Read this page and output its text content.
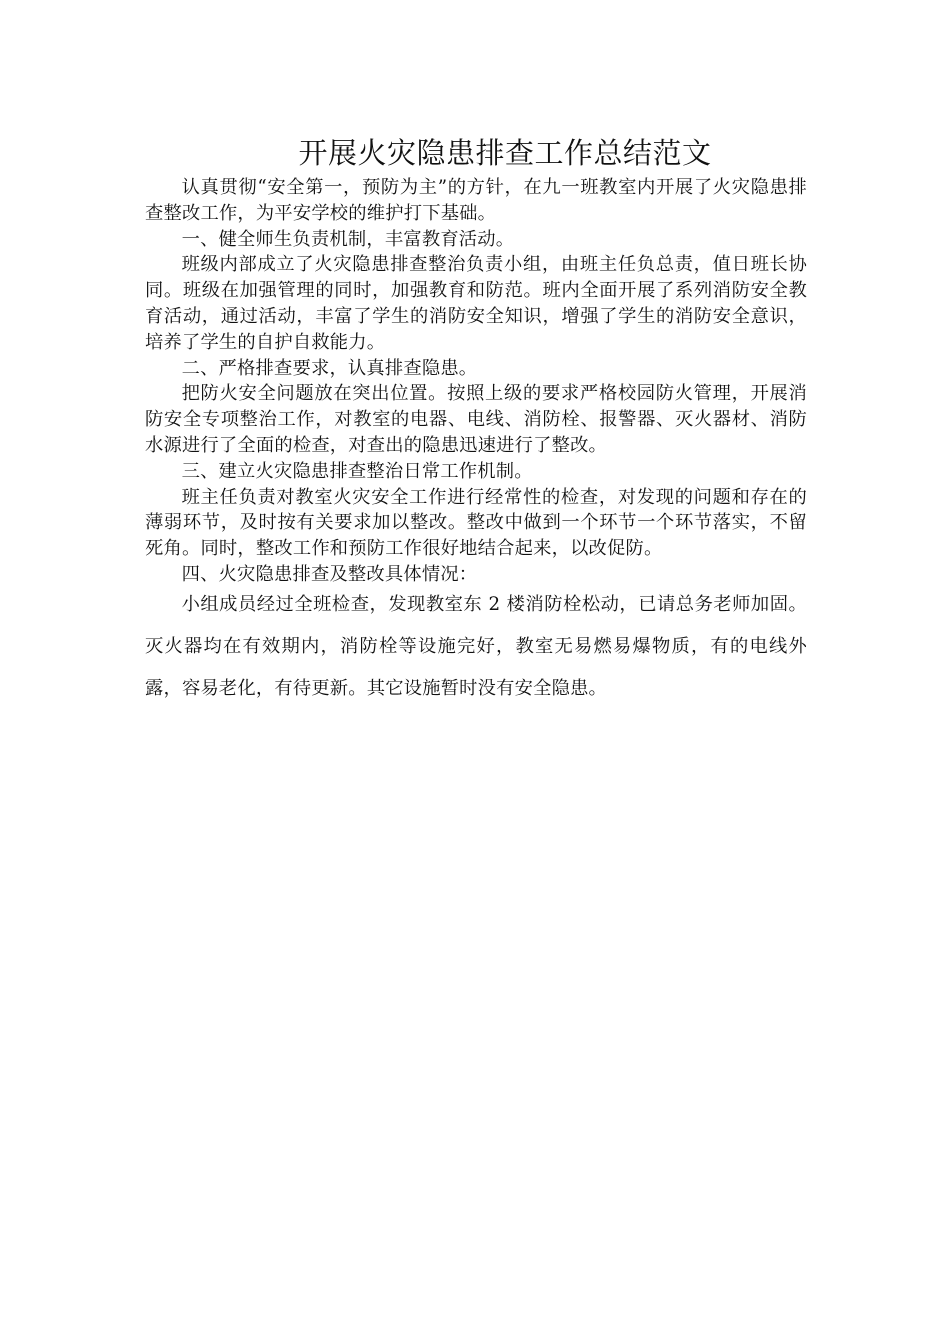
开展火灾隐患排查工作总结范文

认真贯彻“安全第一，预防为主”的方针，在九一班教室内开展了火灾隐患排查整改工作，为平安学校的维护打下基础。

一、健全师生负责机制，丰富教育活动。

班级内部成立了火灾隐患排查整治负责小组，由班主任负总责，值日班长协同。班级在加强管理的同时，加强教育和防范。班内全面开展了系列消防安全教育活动，通过活动，丰富了学生的消防安全知识，增强了学生的消防安全意识，培养了学生的自护自救能力。

二、严格排查要求，认真排查隐患。

把防火安全问题放在突出位置。按照上级的要求严格校园防火管理，开展消防安全专项整治工作，对教室的电器、电线、消防栓、报警器、灭火器材、消防水源进行了全面的检查，对查出的隐患迅速进行了整改。

三、建立火灾隐患排查整治日常工作机制。

班主任负责对教室火灾安全工作进行经常性的检查，对发现的问题和存在的薄弱环节，及时按有关要求加以整改。整改中做到一个环节一个环节落实，不留死角。同时，整改工作和预防工作很好地结合起来，以改促防。

四、火灾隐患排查及整改具体情况：

小组成员经过全班检查，发现教室东 2 楼消防栓松动，已请总务老师加固。灭火器均在有效期内，消防栓等设施完好，教室无易燃易爆物质，有的电线外露，容易老化，有待更新。其它设施暂时没有安全隐患。
